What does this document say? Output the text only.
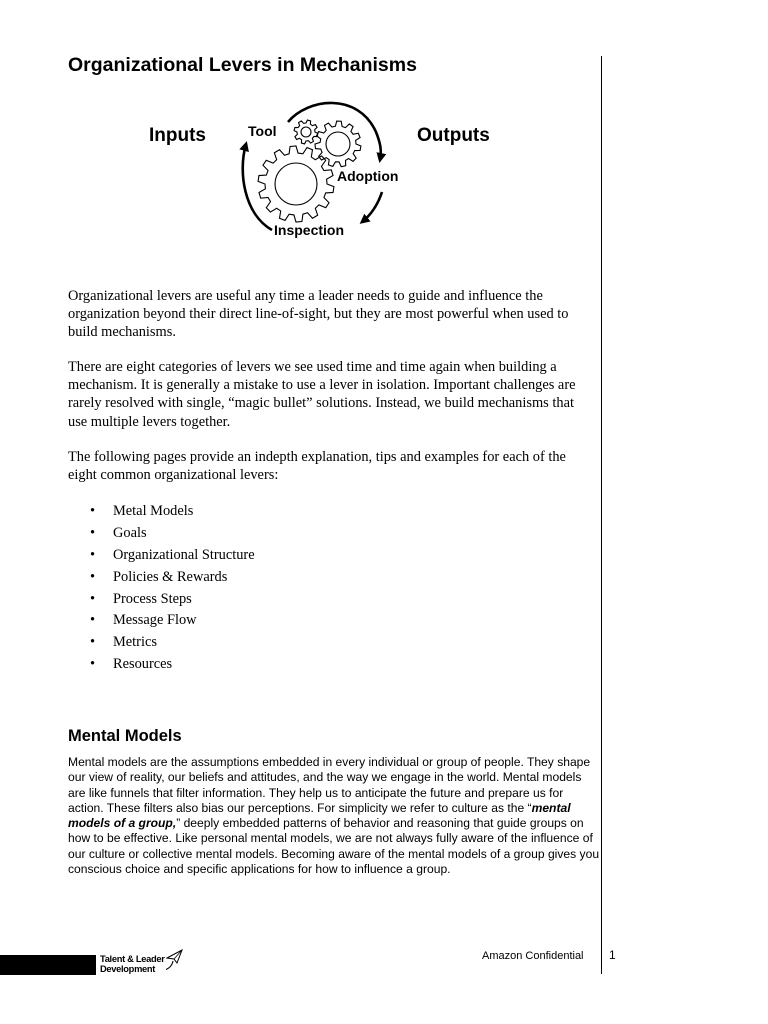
Organizational Levers in Mechanisms
Inputs	Outputs
Tool
Adoption
Inspection

Organizational levers are useful any time a leader needs to guide and influence the organization beyond their direct line-of-sight, but they are most powerful when used to build mechanisms.

There are eight categories of levers we see used time and time again when building a mechanism. It is generally a mistake to use a lever in isolation. Important challenges are rarely resolved with single, “magic bullet” solutions. Instead, we build mechanisms that use multiple levers together.

The following pages provide an indepth explanation, tips and examples for each of the eight common organizational levers:

• Metal Models
• Goals
• Organizational Structure
• Policies & Rewards
• Process Steps
• Message Flow
• Metrics
• Resources
Mental Models

Mental models are the assumptions embedded in every individual or group of people. They shape our view of reality, our beliefs and attitudes, and the way we engage in the world. Mental models are like funnels that filter information. They help us to anticipate the future and prepare us for action. These filters also bias our perceptions. For simplicity we refer to culture as the “mental models of a group,” deeply embedded patterns of behavior and reasoning that guide groups on how to be effective. Like personal mental models, we are not always fully aware of the influence of our culture or collective mental models. Becoming aware of the mental models of a group gives you conscious choice and specific applications for how to influence a group.

Talent & Leader
Development
Amazon Confidential 1
